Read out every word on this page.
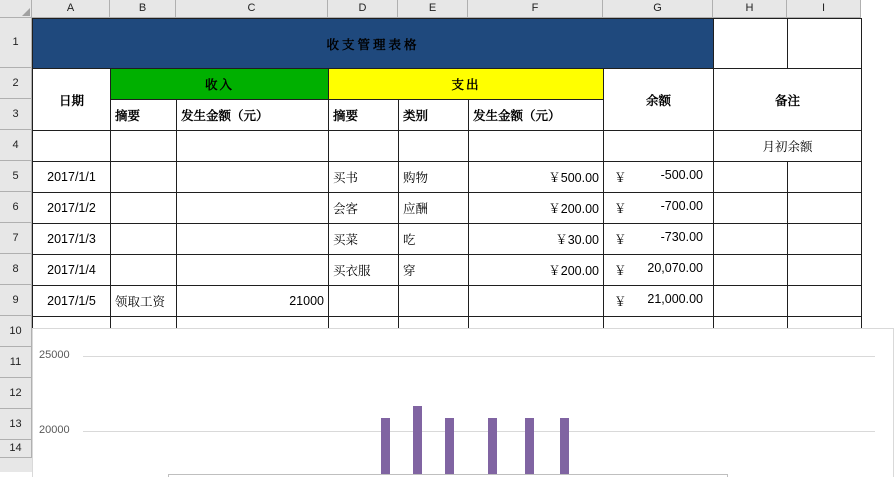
A	B	C	D	E	F	G	H	I
1
2
3
4
5
6
7
8
9
10
11
12
13
14
收支管理表格								
日期	收入		支出			余额	备注	
	摘要	发生金额（元）	摘要	类别	发生金额（元）			
							月初余额	
2017/1/1			买书	购物	￥500.00	￥ -500.00		

2017/1/2			会客	应酬	￥200.00	￥ -700.00		

2017/1/3			买菜	吃	￥30.00	￥ -730.00		

2017/1/4			买衣服	穿	￥200.00	￥ 20,070.00		

2017/1/5	领取工资	21000				￥ 21,000.00		

25000
20000
